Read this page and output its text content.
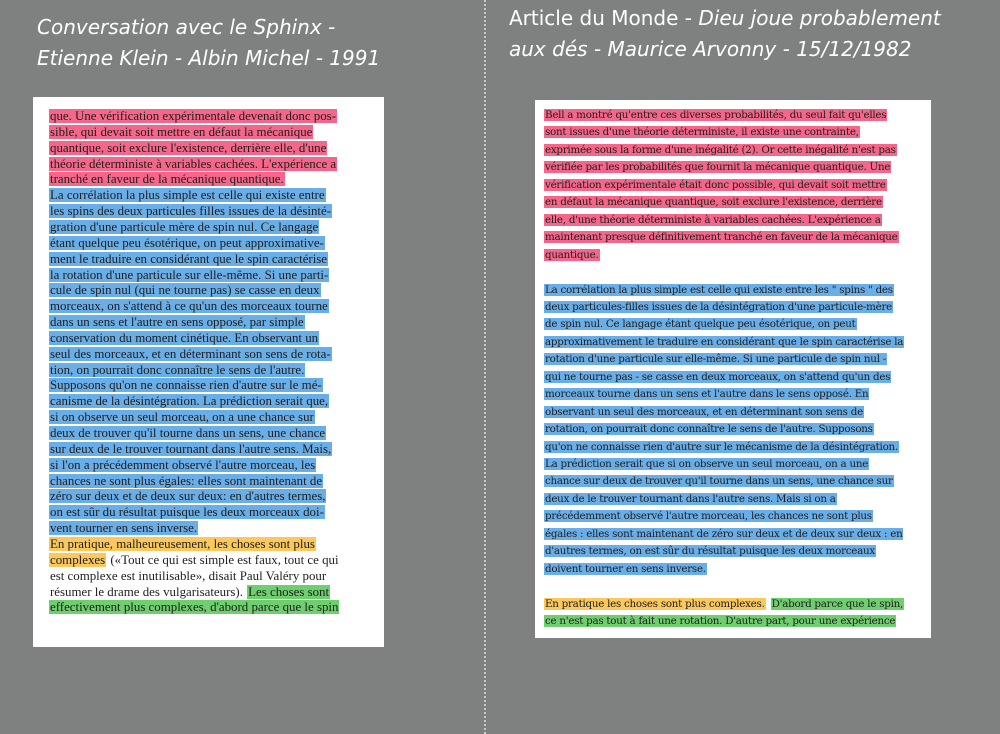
Conversation avec le Sphinx -
Etienne Klein - Albin Michel - 1991
Article du Monde - Dieu joue probablement
aux dés - Maurice Arvonny - 15/12/1982
que. Une vérification expérimentale devenait donc pos-
sible, qui devait soit mettre en défaut la mécanique
quantique, soit exclure l'existence, derrière elle, d'une
théorie déterministe à variables cachées. L'expérience a
tranché en faveur de la mécanique quantique.
La corrélation la plus simple est celle qui existe entre
les spins des deux particules filles issues de la désinté-
gration d'une particule mère de spin nul. Ce langage
étant quelque peu ésotérique, on peut approximative-
ment le traduire en considérant que le spin caractérise
la rotation d'une particule sur elle-même. Si une parti-
cule de spin nul (qui ne tourne pas) se casse en deux
morceaux, on s'attend à ce qu'un des morceaux tourne
dans un sens et l'autre en sens opposé, par simple
conservation du moment cinétique. En observant un
seul des morceaux, et en déterminant son sens de rota-
tion, on pourrait donc connaître le sens de l'autre.
Supposons qu'on ne connaisse rien d'autre sur le mé-
canisme de la désintégration. La prédiction serait que,
si on observe un seul morceau, on a une chance sur
deux de trouver qu'il tourne dans un sens, une chance
sur deux de le trouver tournant dans l'autre sens. Mais,
si l'on a précédemment observé l'autre morceau, les
chances ne sont plus égales: elles sont maintenant de
zéro sur deux et de deux sur deux: en d'autres termes,
on est sûr du résultat puisque les deux morceaux doi-
vent tourner en sens inverse.
En pratique, malheureusement, les choses sont plus
complexes («Tout ce qui est simple est faux, tout ce qui
est complexe est inutilisable», disait Paul Valéry pour
résumer le drame des vulgarisateurs). Les choses sont
effectivement plus complexes, d'abord parce que le spin
Bell a montré qu'entre ces diverses probabilités, du seul fait qu'elles
sont issues d'une théorie déterministe, il existe une contrainte,
exprimée sous la forme d'une inégalité (2). Or cette inégalité n'est pas
vérifiée par les probabilités que fournit la mécanique quantique. Une
vérification expérimentale était donc possible, qui devait soit mettre
en défaut la mécanique quantique, soit exclure l'existence, derrière
elle, d'une théorie déterministe à variables cachées. L'expérience a
maintenant presque définitivement tranché en faveur de la mécanique
quantique.
La corrélation la plus simple est celle qui existe entre les " spins " des
deux particules-filles issues de la désintégration d'une particule-mère
de spin nul. Ce langage étant quelque peu ésotérique, on peut
approximativement le traduire en considérant que le spin caractérise la
rotation d'une particule sur elle-même. Si une particule de spin nul -
qui ne tourne pas - se casse en deux morceaux, on s'attend qu'un des
morceaux tourne dans un sens et l'autre dans le sens opposé. En
observant un seul des morceaux, et en déterminant son sens de
rotation, on pourrait donc connaître le sens de l'autre. Supposons
qu'on ne connaisse rien d'autre sur le mécanisme de la désintégration.
La prédiction serait que si on observe un seul morceau, on a une
chance sur deux de trouver qu'il tourne dans un sens, une chance sur
deux de le trouver tournant dans l'autre sens. Mais si on a
précédemment observé l'autre morceau, les chances ne sont plus
égales : elles sont maintenant de zéro sur deux et de deux sur deux : en
d'autres termes, on est sûr du résultat puisque les deux morceaux
doivent tourner en sens inverse.
En pratique les choses sont plus complexes. D'abord parce que le spin,
ce n'est pas tout à fait une rotation. D'autre part, pour une expérience
